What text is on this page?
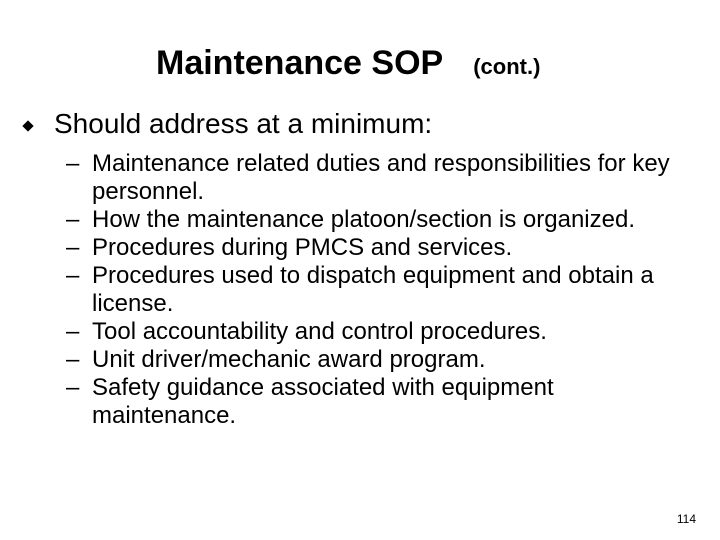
Maintenance SOP (cont.)
Should address at a minimum:
– Maintenance related duties and responsibilities for key personnel.
– How the maintenance platoon/section is organized.
– Procedures during PMCS and services.
– Procedures used to dispatch equipment and obtain a license.
– Tool accountability and control procedures.
– Unit driver/mechanic award program.
– Safety guidance associated with equipment maintenance.
114
